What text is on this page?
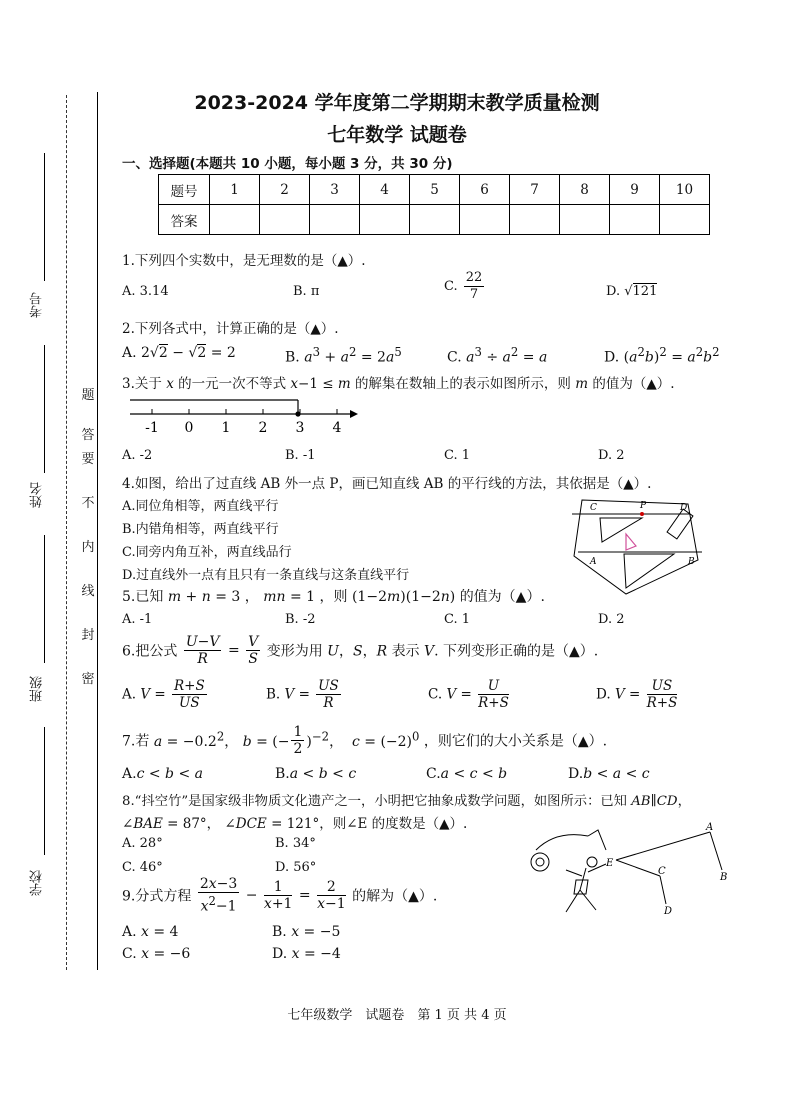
考号
姓名
班级
学校
2023-2024 学年度第二学期期末教学质量检测
七年数学 试题卷
一、选择题(本题共 10 小题，每小题 3 分，共 30 分)
题号	1	2	3	4	5	6	7	8	9	10
答案										
1.下列四个实数中，是无理数的是（▲）.
A. 3.14	B. π	C. $\frac{22}{7}$	D. √121
2.下列各式中，计算正确的是（▲）.
A. 2√2 − √2 = 2	B. $a^3 + a^2 = 2a^5$	C. $a^3 \div a^2 = a$	D. $(a^2b)^2 = a^2b^2$
3.关于 x 的一元一次不等式 x−1 ≤ m 的解集在数轴上的表示如图所示，则 m 的值为（▲）.
-1 0 1 2 3 4
A. -2	B. -1	C. 1	D. 2
4.如图，给出了过直线 AB 外一点 P，画已知直线 AB 的平行线的方法，其依据是（▲）.
A.同位角相等，两直线平行
B.内错角相等，两直线平行
C.同旁内角互补，两直线品行
D.过直线外一点有且只有一条直线与这条直线平行
C	P	D
A	B
5.已知 m + n = 3 ， mn = 1 ，则 (1−2m)(1−2n) 的值为（▲）.
A. -1	B. -2	C. 1	D. 2
6.把公式 $\frac{U-V}{R} = \frac{V}{S}$ 变形为用 U，S，R 表示 V. 下列变形正确的是（▲）.
A. $V = \frac{R+S}{US}$	B. $V = \frac{US}{R}$	C. $V = \frac{U}{R+S}$	D. $V = \frac{US}{R+S}$
7.若 $a = -0.2^2$， b = (− $\frac{1}{2} )^{-2}$，  $c = (-2)^0$ ，则它们的大小关系是（▲）.
A.c < b < a	B.a < b < c	C.a < c < b	D.b < a < c
8.“抖空竹”是国家级非物质文化遗产之一，小明把它抽象成数学问题，如图所示：已知 AB∥CD，
∠BAE = 87°， ∠DCE = 121°，则∠E 的度数是（▲）.
A. 28°	B. 34°
C. 46°	D. 56°
A
E
C
B
D
9.分式方程 $\frac{2x-3}{x^2-1} - \frac{1}{x+1} = \frac{2}{x-1}$ 的解为（▲）.
A. x = 4	B. x = −5
C. x = −6	D. x = −4
七年级数学　试题卷　第 1 页 共 4 页
密
封
线
内
不
要
答
题
